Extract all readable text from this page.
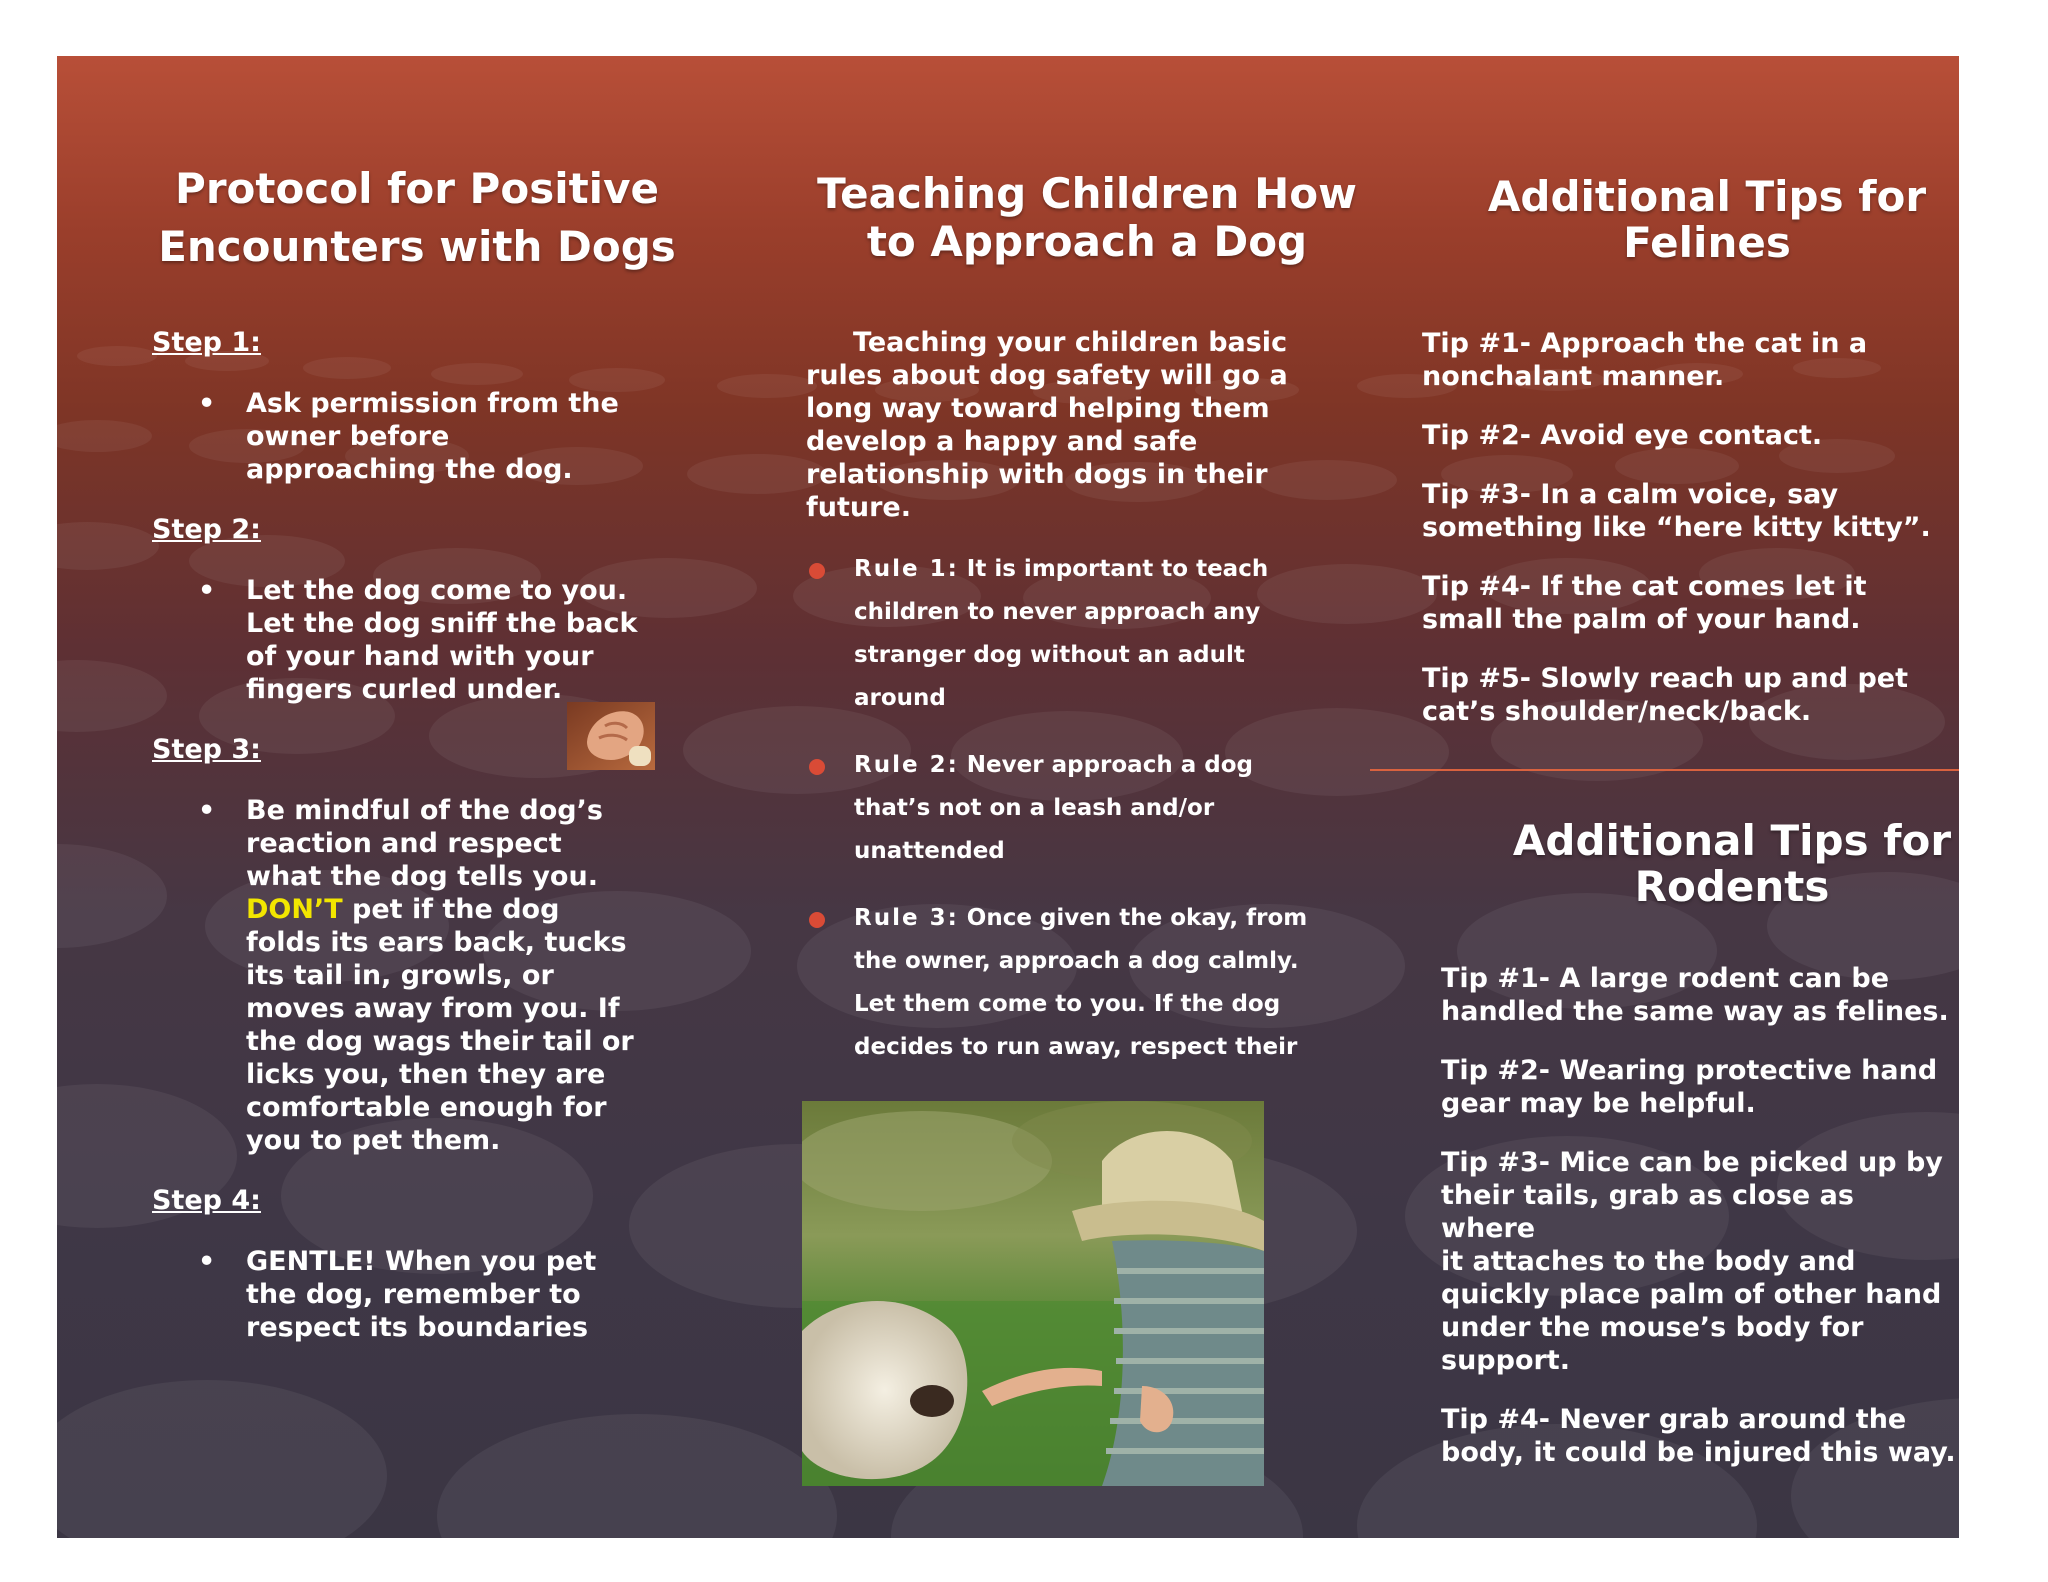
Protocol for Positive
Encounters with Dogs
Step 1:
• Ask permission from the
owner before
approaching the dog.
Step 2:
• Let the dog come to you.
Let the dog sniff the back
of your hand with your
fingers curled under.
Step 3:
• Be mindful of the dog’s
reaction and respect
what the dog tells you.
DON’T pet if the dog
folds its ears back, tucks
its tail in, growls, or
moves away from you. If
the dog wags their tail or
licks you, then they are
comfortable enough for
you to pet them.
Step 4:
• GENTLE! When you pet
the dog, remember to
respect its boundaries
Teaching Children How
to Approach a Dog
Teaching your children basic
rules about dog safety will go a
long way toward helping them
develop a happy and safe
relationship with dogs in their
future.
Rule 1: It is important to teach
children to never approach any
stranger dog without an adult
around
Rule 2: Never approach a dog
that’s not on a leash and/or
unattended
Rule 3: Once given the okay, from
the owner, approach a dog calmly.
Let them come to you. If the dog
decides to run away, respect their
Additional Tips for
Felines
Tip #1- Approach the cat in a
nonchalant manner.
Tip #2- Avoid eye contact.
Tip #3- In a calm voice, say
something like “here kitty kitty”.
Tip #4- If the cat comes let it
small the palm of your hand.
Tip #5- Slowly reach up and pet
cat’s shoulder/neck/back.
Additional Tips for
Rodents
Tip #1- A large rodent can be
handled the same way as felines.
Tip #2- Wearing protective hand
gear may be helpful.
Tip #3- Mice can be picked up by
their tails, grab as close as where
it attaches to the body and
quickly place palm of other hand
under the mouse’s body for
support.
Tip #4- Never grab around the
body, it could be injured this way.
